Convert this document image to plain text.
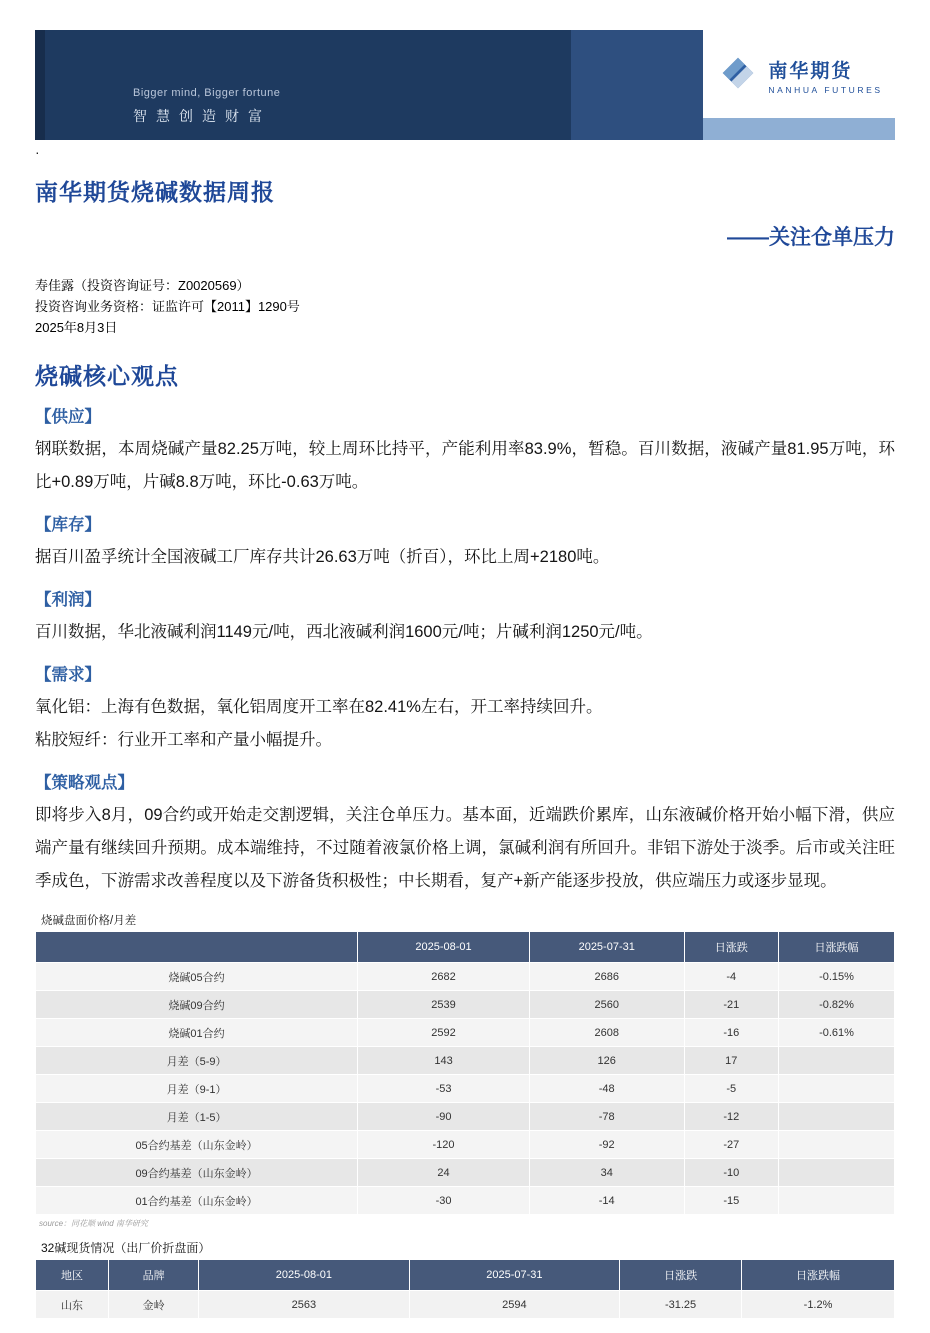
Bigger mind, Bigger fortune
智慧创造财富
南华期货
NANHUA FUTURES
·
南华期货烧碱数据周报
——关注仓单压力
寿佳露（投资咨询证号：Z0020569）
投资咨询业务资格：证监许可【2011】1290号
2025年8月3日
烧碱核心观点
【供应】

钢联数据，本周烧碱产量82.25万吨，较上周环比持平，产能利用率83.9%，暂稳。百川数据，液碱产量81.95万吨，环比+0.89万吨，片碱8.8万吨，环比-0.63万吨。

【库存】

据百川盈孚统计全国液碱工厂库存共计26.63万吨（折百），环比上周+2180吨。

【利润】

百川数据，华北液碱利润1149元/吨，西北液碱利润1600元/吨；片碱利润1250元/吨。

【需求】

氧化铝：上海有色数据，氧化铝周度开工率在82.41%左右，开工率持续回升。

粘胶短纤：行业开工率和产量小幅提升。

【策略观点】

即将步入8月，09合约或开始走交割逻辑，关注仓单压力。基本面，近端跌价累库，山东液碱价格开始小幅下滑，供应端产量有继续回升预期。成本端维持，不过随着液氯价格上调，氯碱利润有所回升。非铝下游处于淡季。后市或关注旺季成色，下游需求改善程度以及下游备货积极性；中长期看，复产+新产能逐步投放，供应端压力或逐步显现。

烧碱盘面价格/月差
	2025-08-01	2025-07-31	日涨跌	日涨跌幅
烧碱05合约	2682	2686	-4	-0.15%
烧碱09合约	2539	2560	-21	-0.82%
烧碱01合约	2592	2608	-16	-0.61%
月差（5-9）	143	126	17	
月差（9-1）	-53	-48	-5	
月差（1-5）	-90	-78	-12	
05合约基差（山东金岭）	-120	-92	-27	
09合约基差（山东金岭）	24	34	-10	
01合约基差（山东金岭）	-30	-14	-15	
source：同花顺 wind 南华研究
32碱现货情况（出厂价折盘面）
地区	品牌	2025-08-01	2025-07-31	日涨跌	日涨跌幅
山东	金岭	2563	2594	-31.25	-1.2%
